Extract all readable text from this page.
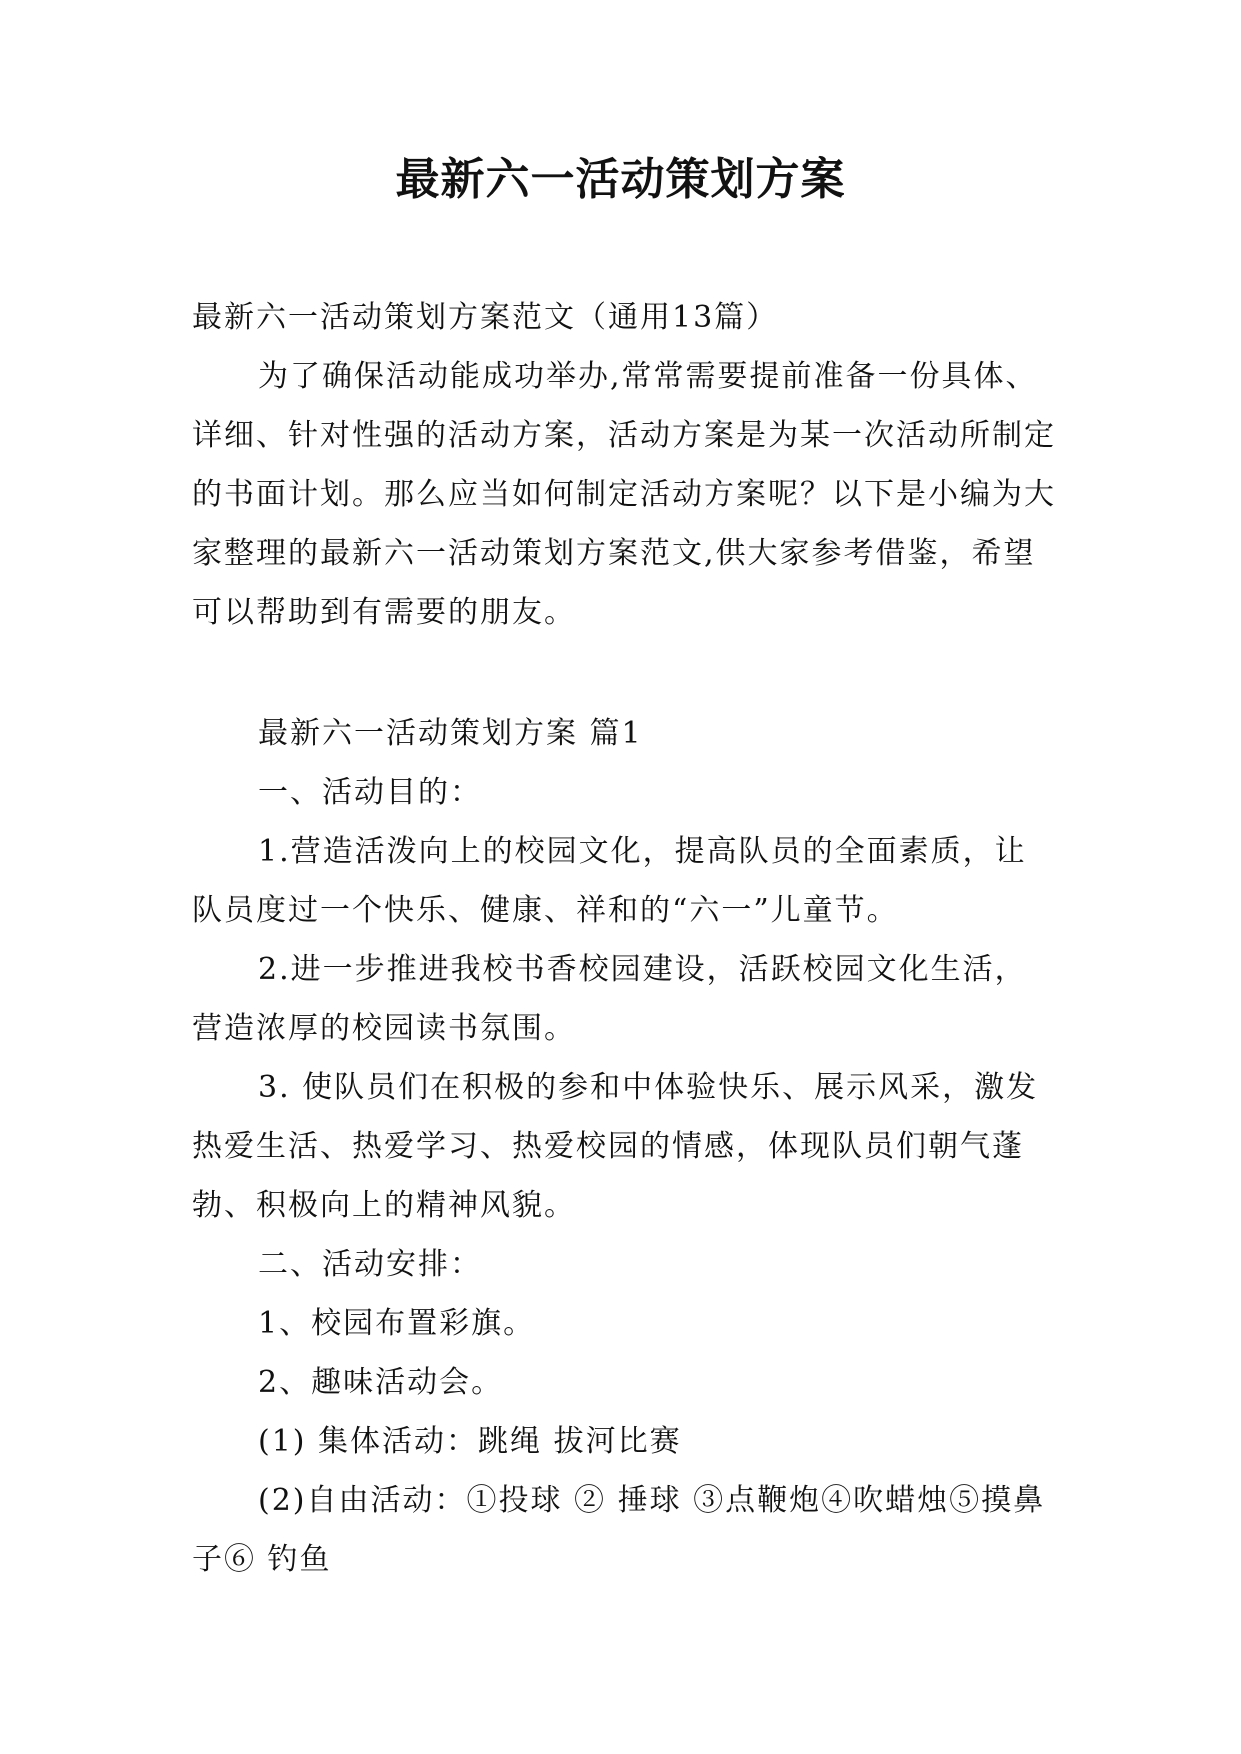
最新六一活动策划方案

最新六一活动策划方案范文（通用13篇）

为了确保活动能成功举办,常常需要提前准备一份具体、详细、针对性强的活动方案，活动方案是为某一次活动所制定的书面计划。那么应当如何制定活动方案呢？以下是小编为大家整理的最新六一活动策划方案范文,供大家参考借鉴，希望可以帮助到有需要的朋友。

最新六一活动策划方案 篇1

一、活动目的：

1.营造活泼向上的校园文化，提高队员的全面素质，让队员度过一个快乐、健康、祥和的“六一”儿童节。

2.进一步推进我校书香校园建设，活跃校园文化生活，营造浓厚的校园读书氛围。

3. 使队员们在积极的参和中体验快乐、展示风采，激发热爱生活、热爱学习、热爱校园的情感，体现队员们朝气蓬勃、积极向上的精神风貌。

二、活动安排：

1、校园布置彩旗。

2、趣味活动会。

(1) 集体活动：跳绳 拔河比赛

(2)自由活动：①投球 ② 捶球 ③点鞭炮④吹蜡烛⑤摸鼻子⑥ 钓鱼
